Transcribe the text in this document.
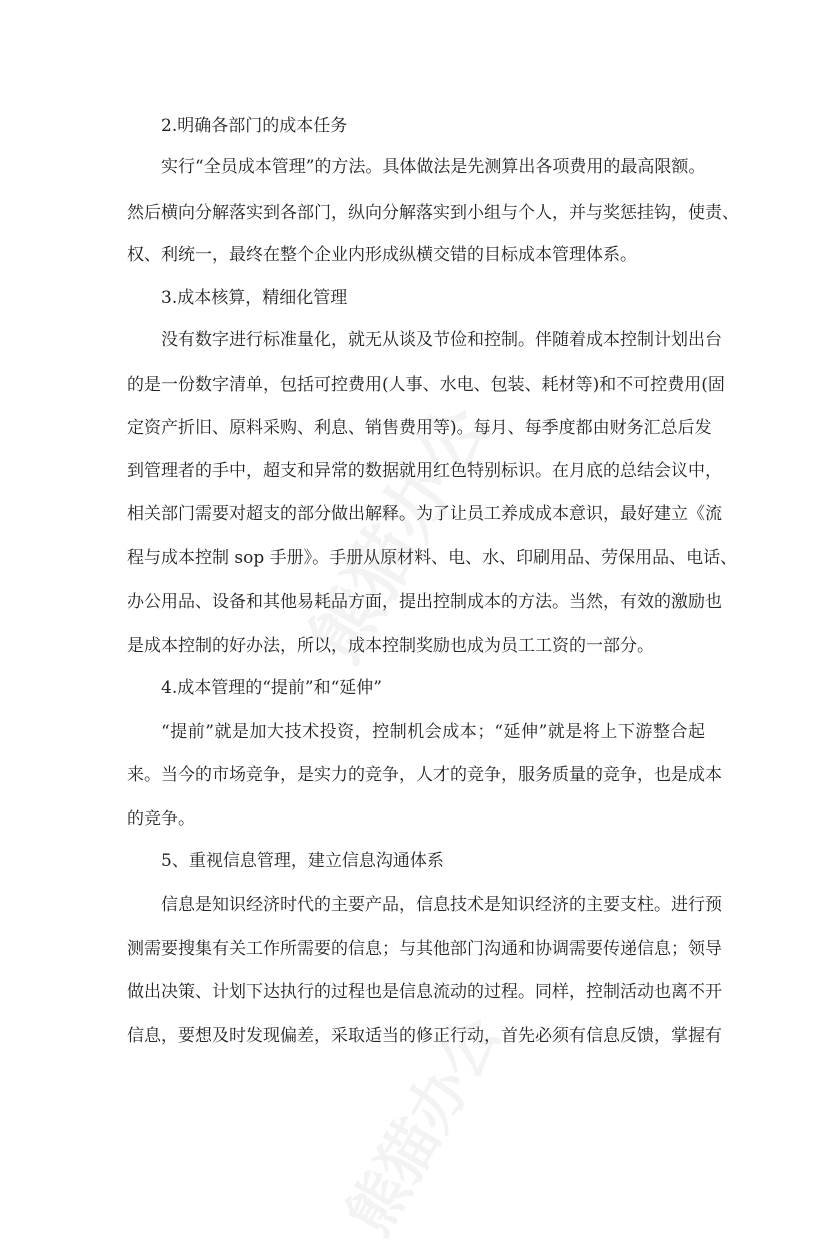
2.明确各部门的成本任务
实行“全员成本管理”的方法。具体做法是先测算出各项费用的最高限额。
然后横向分解落实到各部门，纵向分解落实到小组与个人，并与奖惩挂钩，使责、
权、利统一，最终在整个企业内形成纵横交错的目标成本管理体系。
3.成本核算，精细化管理
没有数字进行标准量化，就无从谈及节俭和控制。伴随着成本控制计划出台
的是一份数字清单，包括可控费用(人事、水电、包装、耗材等)和不可控费用(固
定资产折旧、原料采购、利息、销售费用等)。每月、每季度都由财务汇总后发
到管理者的手中，超支和异常的数据就用红色特别标识。在月底的总结会议中，
相关部门需要对超支的部分做出解释。为了让员工养成成本意识，最好建立《流
程与成本控制 sop 手册》。手册从原材料、电、水、印刷用品、劳保用品、电话、
办公用品、设备和其他易耗品方面，提出控制成本的方法。当然，有效的激励也
是成本控制的好办法，所以，成本控制奖励也成为员工工资的一部分。
4.成本管理的“提前”和“延伸”
“提前”就是加大技术投资，控制机会成本；“延伸”就是将上下游整合起
来。当今的市场竞争，是实力的竞争，人才的竞争，服务质量的竞争，也是成本
的竞争。
5、重视信息管理，建立信息沟通体系
信息是知识经济时代的主要产品，信息技术是知识经济的主要支柱。进行预
测需要搜集有关工作所需要的信息；与其他部门沟通和协调需要传递信息；领导
做出决策、计划下达执行的过程也是信息流动的过程。同样，控制活动也离不开
信息，要想及时发现偏差，采取适当的修正行动，首先必须有信息反馈，掌握有
